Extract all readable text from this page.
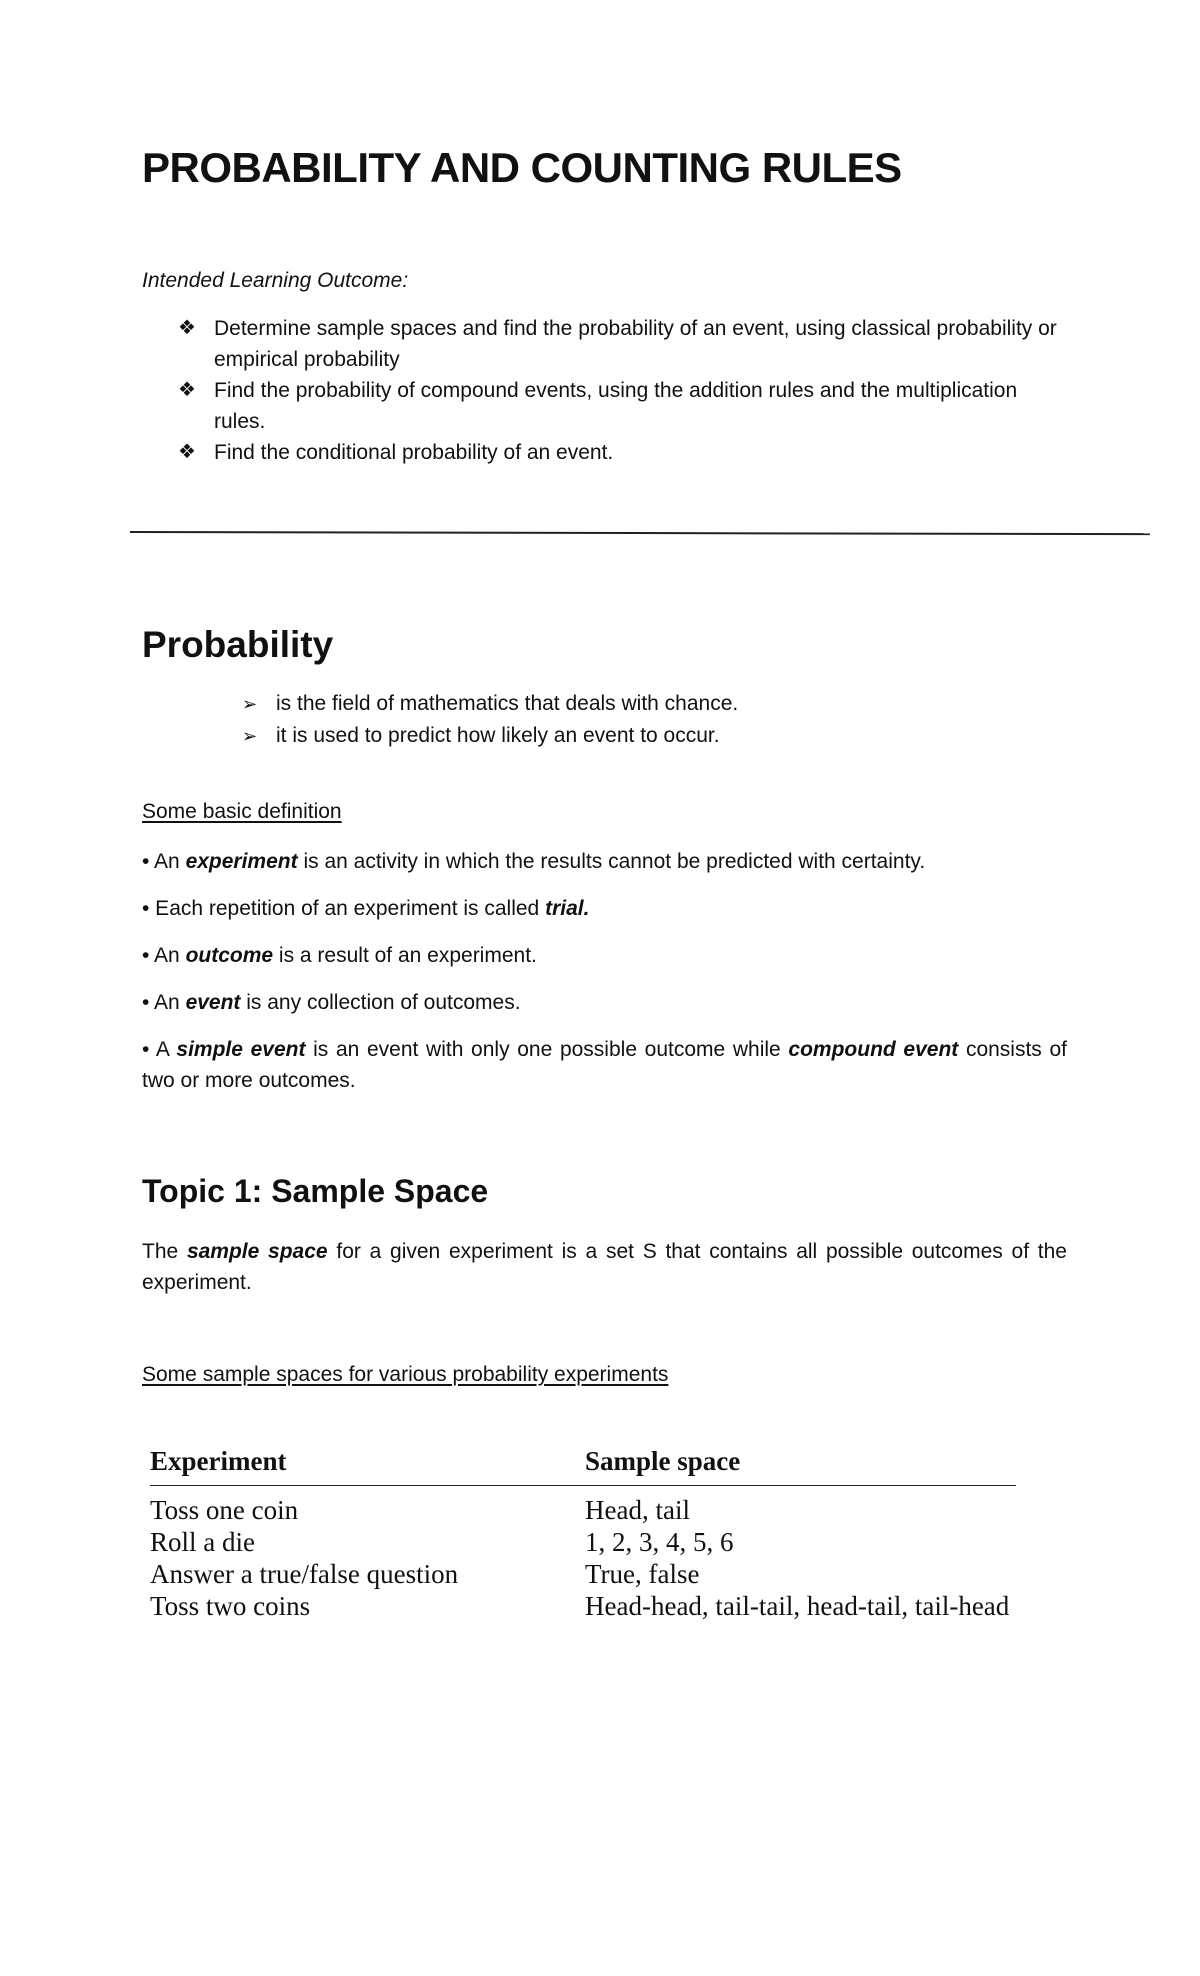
PROBABILITY AND COUNTING RULES

Intended Learning Outcome:

❖ Determine sample spaces and find the probability of an event, using classical probability or empirical probability
❖ Find the probability of compound events, using the addition rules and the multiplication rules.
❖ Find the conditional probability of an event.
Probability
➢ is the field of mathematics that deals with chance.
➢ it is used to predict how likely an event to occur.

Some basic definition

• An experiment is an activity in which the results cannot be predicted with certainty.

• Each repetition of an experiment is called trial.

• An outcome is a result of an experiment.

• An event is any collection of outcomes.

• A simple event is an event with only one possible outcome while compound event consists of two or more outcomes.

Topic 1: Sample Space

The sample space for a given experiment is a set S that contains all possible outcomes of the experiment.

Some sample spaces for various probability experiments

Experiment	Sample space
Toss one coin	Head, tail
Roll a die	1, 2, 3, 4, 5, 6
Answer a true/false question	True, false
Toss two coins	Head-head, tail-tail, head-tail, tail-head
